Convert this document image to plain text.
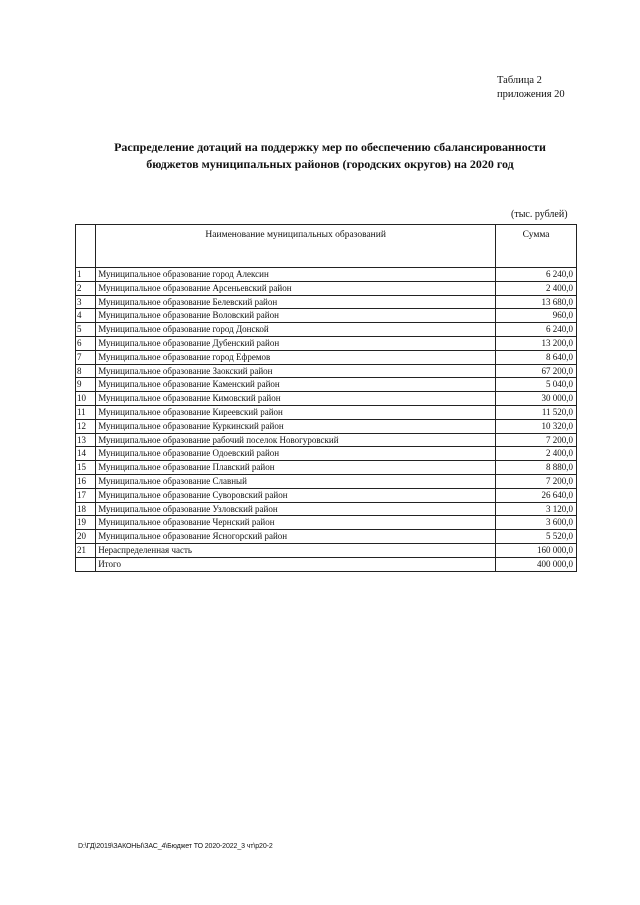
Таблица 2
приложения 20
Распределение дотаций на поддержку мер по обеспечению сбалансированности
бюджетов муниципальных районов (городских округов) на 2020 год
(тыс. рублей)
	Наименование муниципальных образований	Сумма
1	Муниципальное образование город Алексин	6 240,0
2	Муниципальное образование Арсеньевский район	2 400,0
3	Муниципальное образование Белевский район	13 680,0
4	Муниципальное образование Воловский район	960,0
5	Муниципальное образование город Донской	6 240,0
6	Муниципальное образование Дубенский район	13 200,0
7	Муниципальное образование город Ефремов	8 640,0
8	Муниципальное образование Заокский район	67 200,0
9	Муниципальное образование Каменский район	5 040,0
10	Муниципальное образование Кимовский район	30 000,0
11	Муниципальное образование Киреевский район	11 520,0
12	Муниципальное образование Куркинский район	10 320,0
13	Муниципальное образование рабочий поселок Новогуровский	7 200,0
14	Муниципальное образование Одоевский район	2 400,0
15	Муниципальное образование Плавский район	8 880,0
16	Муниципальное образование Славный	7 200,0
17	Муниципальное образование Суворовский район	26 640,0
18	Муниципальное образование Узловский район	3 120,0
19	Муниципальное образование Чернский район	3 600,0
20	Муниципальное образование Ясногорский район	5 520,0
21	Нераспределенная часть	160 000,0
	Итого	400 000,0
D:\ГД\2019\ЗАКОНЫ\ЗАС_4\Бюджет ТО 2020-2022_3 чт\p20-2
